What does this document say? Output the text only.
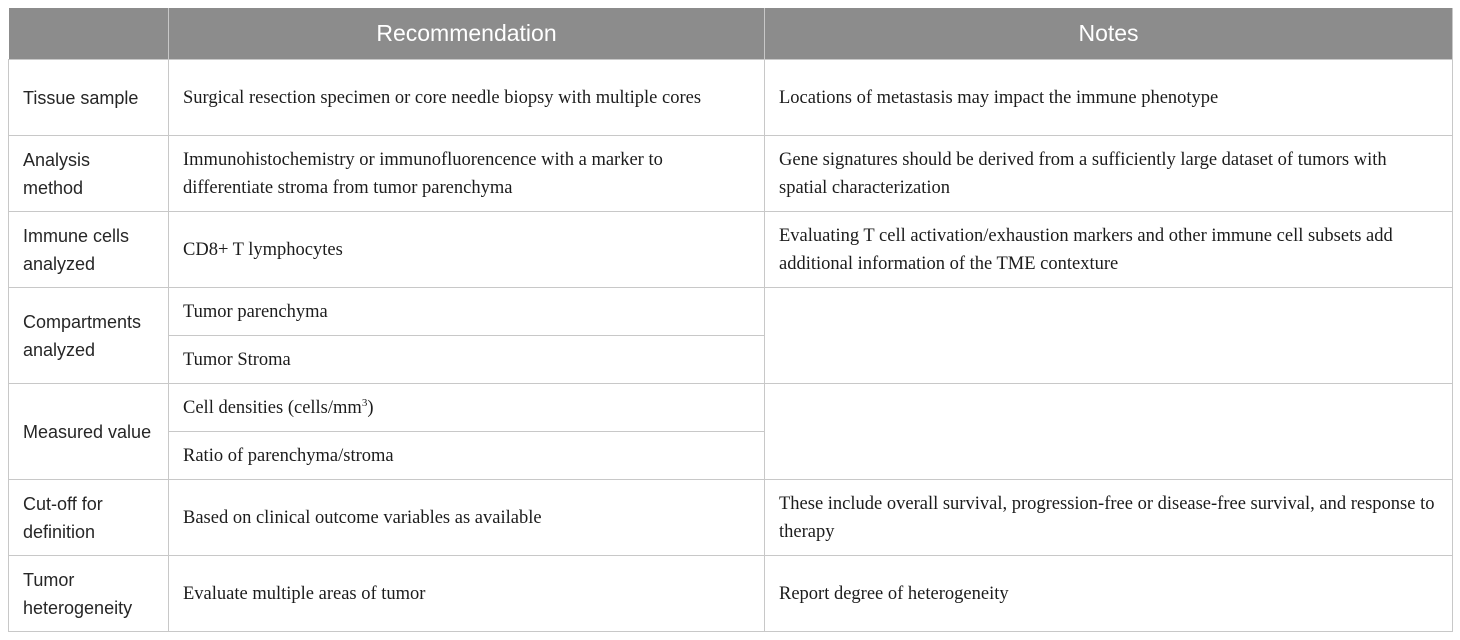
	Recommendation	Notes
Tissue sample	Surgical resection specimen or core needle biopsy with multiple cores	Locations of metastasis may impact the immune phenotype
Analysis method	Immunohistochemistry or immunofluorencence with a marker to differentiate stroma from tumor parenchyma	Gene signatures should be derived from a sufficiently large dataset of tumors with spatial characterization
Immune cells analyzed	CD8+ T lymphocytes	Evaluating T cell activation/exhaustion markers and other immune cell subsets add additional information of the TME contexture
Compartments analyzed	Tumor parenchyma	
	Tumor Stroma	
Measured value	Cell densities $(cells/mm^3)$	
	Ratio of parenchyma/stroma	
Cut-off for definition	Based on clinical outcome variables as available	These include overall survival, progression-free or disease-free survival, and response to therapy
Tumor heterogeneity	Evaluate multiple areas of tumor	Report degree of heterogeneity
